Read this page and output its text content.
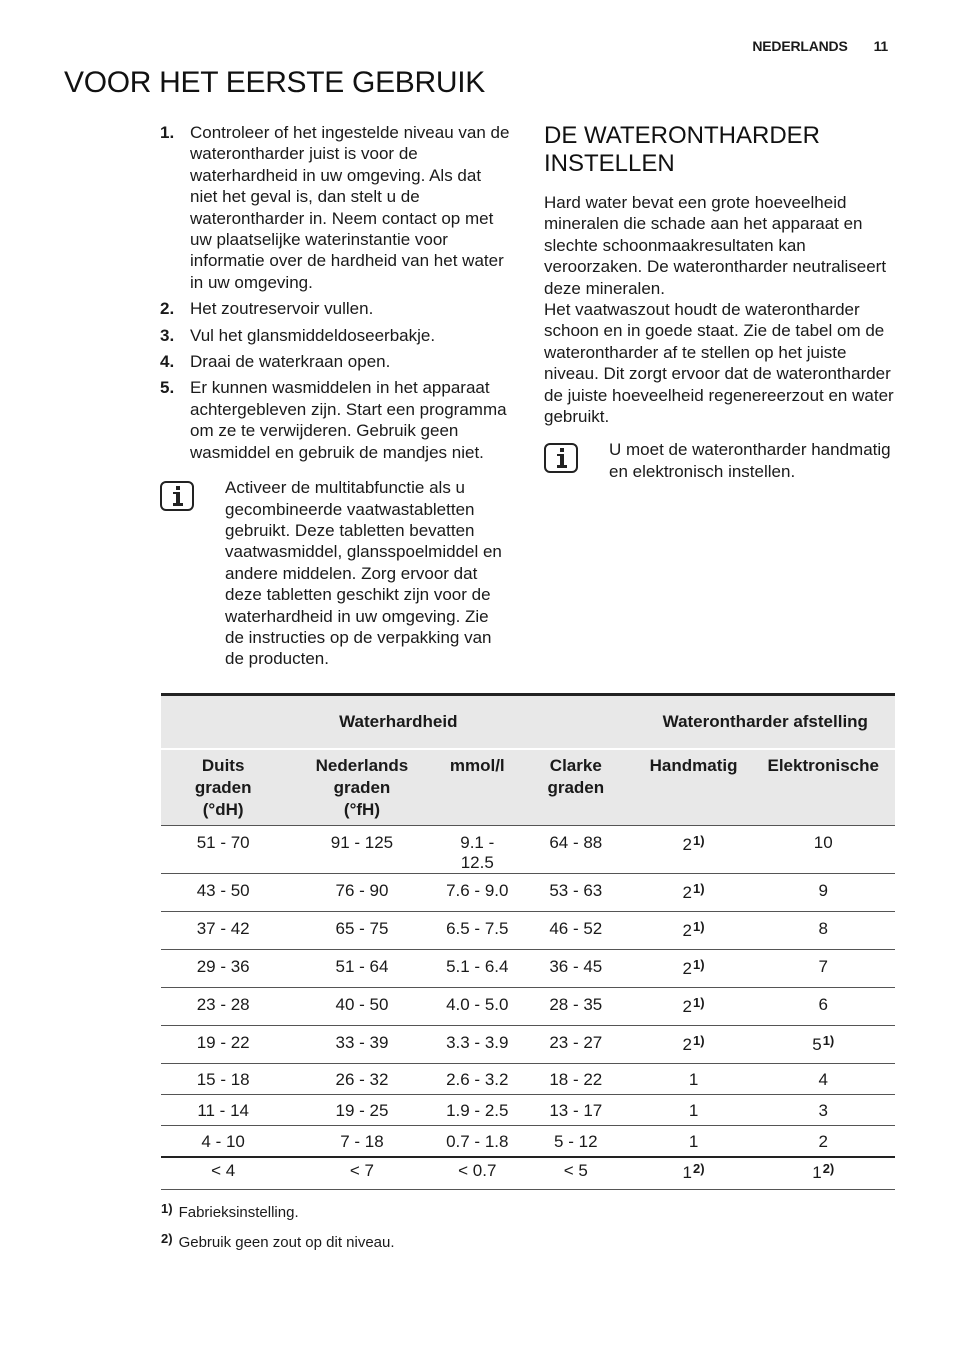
NEDERLANDS 11
VOOR HET EERSTE GEBRUIK
1. Controleer of het ingestelde niveau van de waterontharder juist is voor de waterhardheid in uw omgeving. Als dat niet het geval is, dan stelt u de waterontharder in. Neem contact op met uw plaatselijke waterinstantie voor informatie over de hardheid van het water in uw omgeving.
2. Het zoutreservoir vullen.
3. Vul het glansmiddeldoseerbakje.
4. Draai de waterkraan open.
5. Er kunnen wasmiddelen in het apparaat achtergebleven zijn. Start een programma om ze te verwijderen. Gebruik geen wasmiddel en gebruik de mandjes niet.
Activeer de multitabfunctie als u gecombineerde vaatwastabletten gebruikt. Deze tabletten bevatten vaatwasmiddel, glansspoelmiddel en andere middelen. Zorg ervoor dat deze tabletten geschikt zijn voor de waterhardheid in uw omgeving. Zie de instructies op de verpakking van de producten.
DE WATERONTHARDER INSTELLEN

Hard water bevat een grote hoeveelheid mineralen die schade aan het apparaat en slechte schoonmaakresultaten kan veroorzaken. De waterontharder neutraliseert deze mineralen.

Het vaatwaszout houdt de waterontharder schoon en in goede staat. Zie de tabel om de waterontharder af te stellen op het juiste niveau. Dit zorgt ervoor dat de waterontharder de juiste hoeveelheid regenereerzout en water gebruikt.

U moet de waterontharder handmatig en elektronisch instellen.
Waterhardheid				Waterontharder afstelling	
Duits graden (°dH)	Nederlands graden (°fH)	mmol/l	Clarke graden	Handmatig	Elektronische
51 - 70	91 - 125	9.1 - 12.5	64 - 88	2$^{1)}$	10
43 - 50	76 - 90	7.6 - 9.0	53 - 63	2$^{1)}$	9
37 - 42	65 - 75	6.5 - 7.5	46 - 52	2$^{1)}$	8
29 - 36	51 - 64	5.1 - 6.4	36 - 45	2$^{1)}$	7
23 - 28	40 - 50	4.0 - 5.0	28 - 35	2$^{1)}$	6
19 - 22	33 - 39	3.3 - 3.9	23 - 27	2$^{1)}$	5$^{1)}$
15 - 18	26 - 32	2.6 - 3.2	18 - 22	1	4
11 - 14	19 - 25	1.9 - 2.5	13 - 17	1	3
4 - 10	7 - 18	0.7 - 1.8	5 - 12	1	2
< 4	< 7	< 0.7	< 5	1$^{2)}$	1$^{2)}$

1) Fabrieksinstelling.
2) Gebruik geen zout op dit niveau.
